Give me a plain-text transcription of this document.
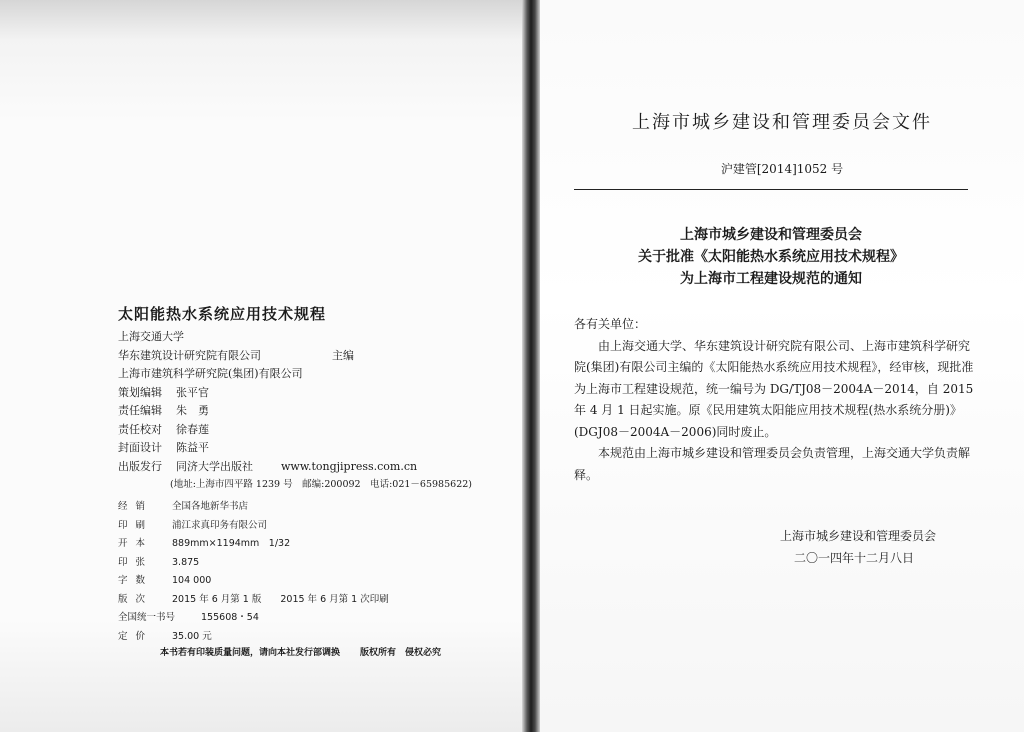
太阳能热水系统应用技术规程
上海交通大学
华东建筑设计研究院有限公司	主编
上海市建筑科学研究院(集团)有限公司
策划编辑 张平官
责任编辑 朱　勇
责任校对 徐春莲
封面设计 陈益平
出版发行 同济大学出版社	www.tongjipress.com.cn
(地址:上海市四平路 1239 号　邮编:200092　电话:021－65985622)
经销 全国各地新华书店
印刷 浦江求真印务有限公司
开本 889mm×1194mm　1/32
印张 3.875
字数 104 000
版次 2015 年 6 月第 1 版　　2015 年 6 月第 1 次印刷
全国统一书号	155608・54
定价 35.00 元
本书若有印装质量问题，请向本社发行部调换 版权所有　侵权必究
上海市城乡建设和管理委员会文件
沪建管[2014]1052 号
上海市城乡建设和管理委员会
关于批准《太阳能热水系统应用技术规程》
为上海市工程建设规范的通知

各有关单位：

由上海交通大学、华东建筑设计研究院有限公司、上海市建筑科学研究院(集团)有限公司主编的《太阳能热水系统应用技术规程》，经审核，现批准为上海市工程建设规范，统一编号为 DG/TJ08－2004A－2014，自 2015 年 4 月 1 日起实施。原《民用建筑太阳能应用技术规程(热水系统分册)》(DGJ08－2004A－2006)同时废止。

本规范由上海市城乡建设和管理委员会负责管理，上海交通大学负责解释。

上海市城乡建设和管理委员会
二〇一四年十二月八日
